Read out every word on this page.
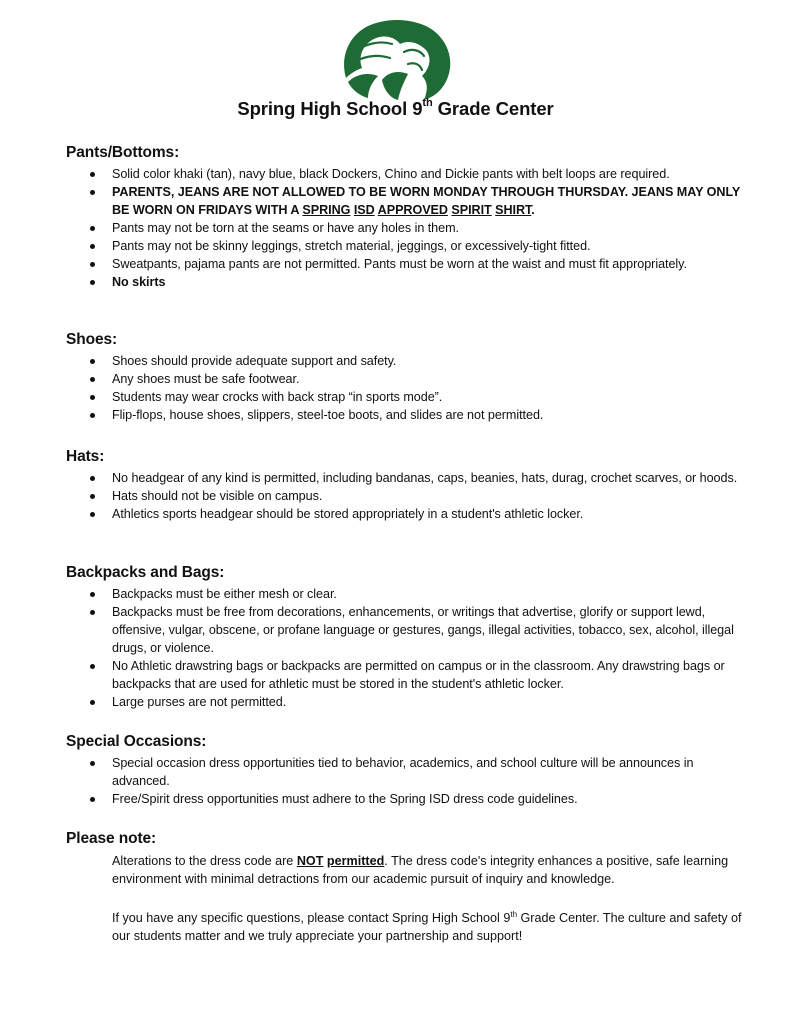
Spring High School 9th Grade Center
Pants/Bottoms:
Solid color khaki (tan), navy blue, black Dockers, Chino and Dickie pants with belt loops are required.
PARENTS, JEANS ARE NOT ALLOWED TO BE WORN MONDAY THROUGH THURSDAY. JEANS MAY ONLY BE WORN ON FRIDAYS WITH A SPRING ISD APPROVED SPIRIT SHIRT.
Pants may not be torn at the seams or have any holes in them.
Pants may not be skinny leggings, stretch material, jeggings, or excessively-tight fitted.
Sweatpants, pajama pants are not permitted. Pants must be worn at the waist and must fit appropriately.
No skirts
Shoes:
Shoes should provide adequate support and safety.
Any shoes must be safe footwear.
Students may wear crocks with back strap “in sports mode”.
Flip-flops, house shoes, slippers, steel-toe boots, and slides are not permitted.
Hats:
No headgear of any kind is permitted, including bandanas, caps, beanies, hats, durag, crochet scarves, or hoods.
Hats should not be visible on campus.
Athletics sports headgear should be stored appropriately in a student's athletic locker.
Backpacks and Bags:
Backpacks must be either mesh or clear.
Backpacks must be free from decorations, enhancements, or writings that advertise, glorify or support lewd, offensive, vulgar, obscene, or profane language or gestures, gangs, illegal activities, tobacco, sex, alcohol, illegal drugs, or violence.
No Athletic drawstring bags or backpacks are permitted on campus or in the classroom. Any drawstring bags or backpacks that are used for athletic must be stored in the student's athletic locker.
Large purses are not permitted.
Special Occasions:
Special occasion dress opportunities tied to behavior, academics, and school culture will be announces in advanced.
Free/Spirit dress opportunities must adhere to the Spring ISD dress code guidelines.
Please note:

Alterations to the dress code are NOT permitted. The dress code's integrity enhances a positive, safe learning environment with minimal detractions from our academic pursuit of inquiry and knowledge.

If you have any specific questions, please contact Spring High School 9th Grade Center. The culture and safety of our students matter and we truly appreciate your partnership and support!
